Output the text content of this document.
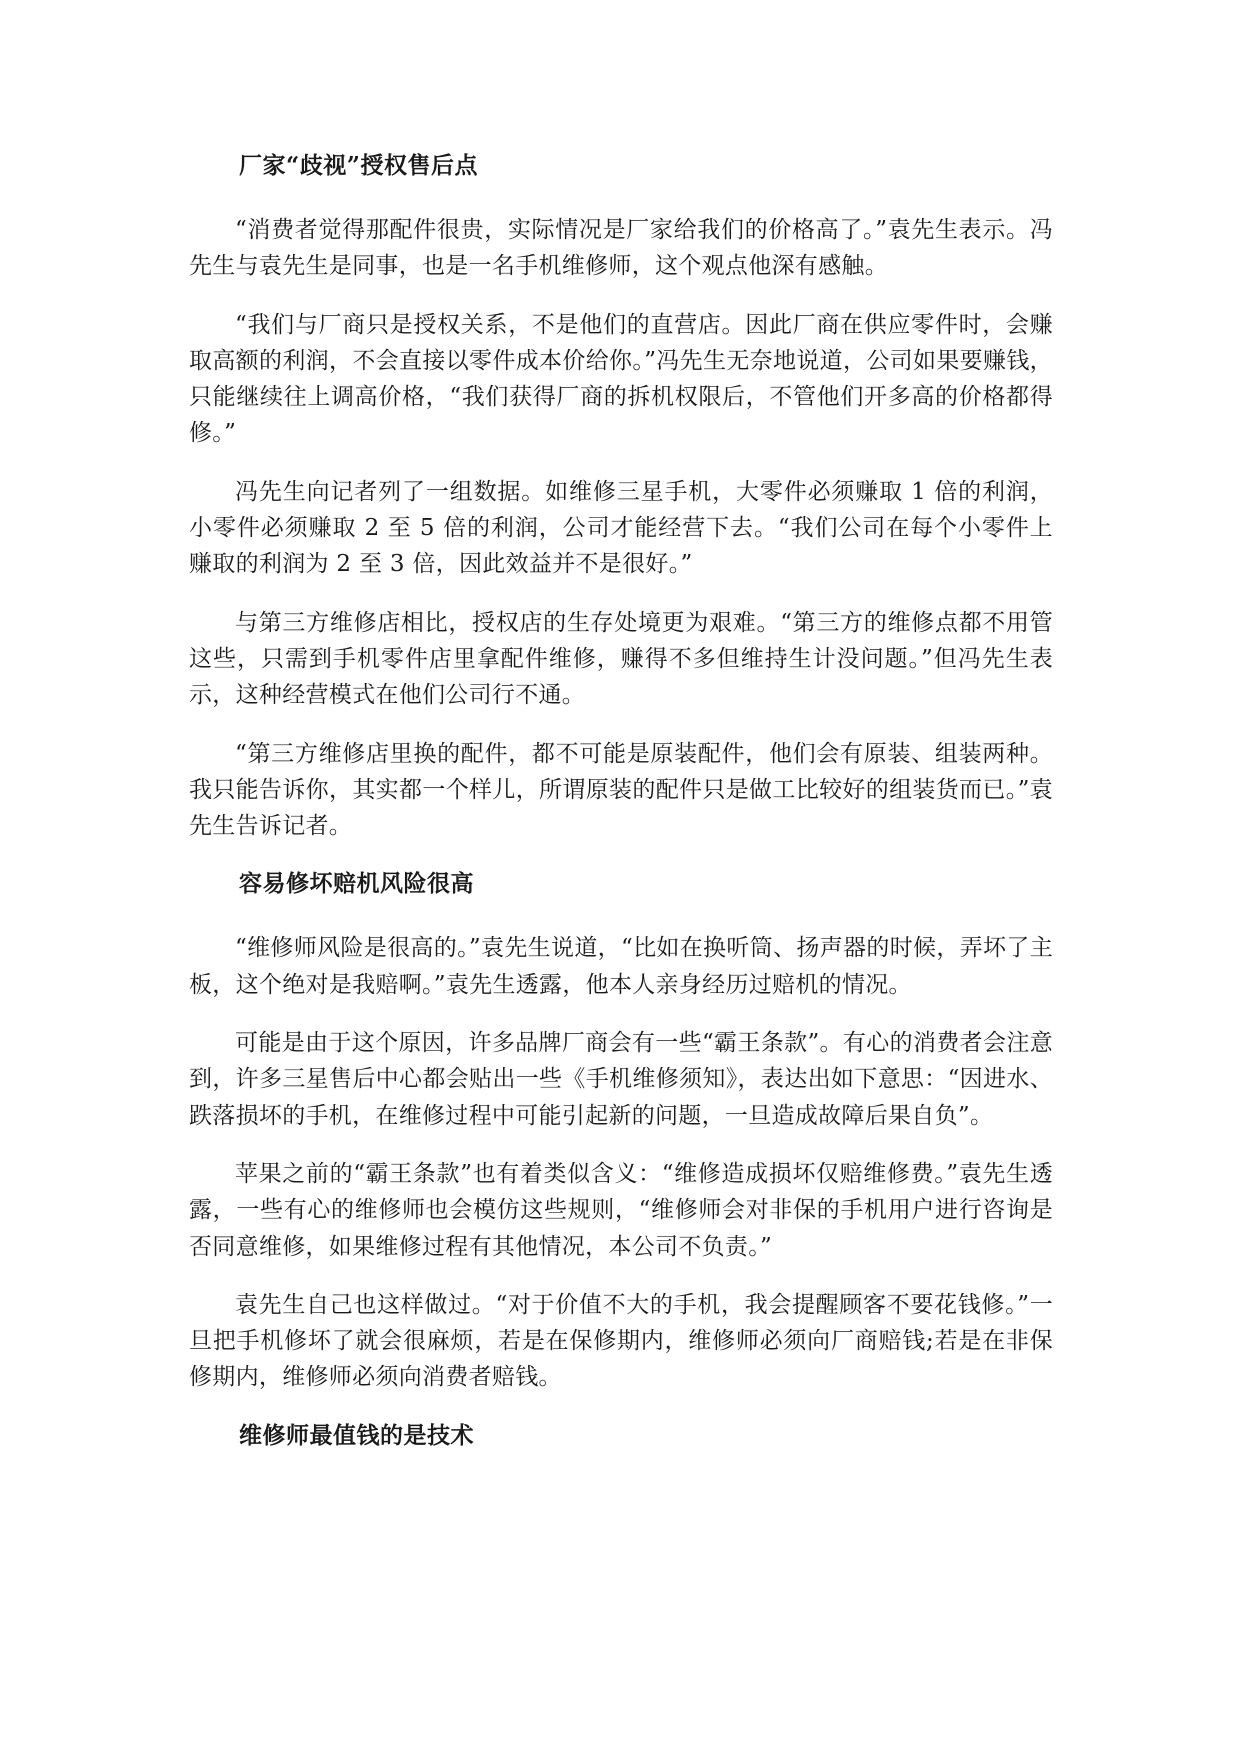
厂家“歧视”授权售后点

“消费者觉得那配件很贵，实际情况是厂家给我们的价格高了。”袁先生表示。冯先生与袁先生是同事，也是一名手机维修师，这个观点他深有感触。

“我们与厂商只是授权关系，不是他们的直营店。因此厂商在供应零件时，会赚取高额的利润，不会直接以零件成本价给你。”冯先生无奈地说道，公司如果要赚钱，只能继续往上调高价格，“我们获得厂商的拆机权限后，不管他们开多高的价格都得修。”

冯先生向记者列了一组数据。如维修三星手机，大零件必须赚取 1 倍的利润，小零件必须赚取 2 至 5 倍的利润，公司才能经营下去。“我们公司在每个小零件上赚取的利润为 2 至 3 倍，因此效益并不是很好。”

与第三方维修店相比，授权店的生存处境更为艰难。“第三方的维修点都不用管这些，只需到手机零件店里拿配件维修，赚得不多但维持生计没问题。”但冯先生表示，这种经营模式在他们公司行不通。

“第三方维修店里换的配件，都不可能是原装配件，他们会有原装、组装两种。我只能告诉你，其实都一个样儿，所谓原装的配件只是做工比较好的组装货而已。”袁先生告诉记者。

容易修坏赔机风险很高

“维修师风险是很高的。”袁先生说道，“比如在换听筒、扬声器的时候，弄坏了主板，这个绝对是我赔啊。”袁先生透露，他本人亲身经历过赔机的情况。

可能是由于这个原因，许多品牌厂商会有一些“霸王条款”。有心的消费者会注意到，许多三星售后中心都会贴出一些《手机维修须知》，表达出如下意思：“因进水、跌落损坏的手机，在维修过程中可能引起新的问题，一旦造成故障后果自负”。

苹果之前的“霸王条款”也有着类似含义：“维修造成损坏仅赔维修费。”袁先生透露，一些有心的维修师也会模仿这些规则，“维修师会对非保的手机用户进行咨询是否同意维修，如果维修过程有其他情况，本公司不负责。”

袁先生自己也这样做过。“对于价值不大的手机，我会提醒顾客不要花钱修。”一旦把手机修坏了就会很麻烦，若是在保修期内，维修师必须向厂商赔钱;若是在非保修期内，维修师必须向消费者赔钱。

维修师最值钱的是技术
